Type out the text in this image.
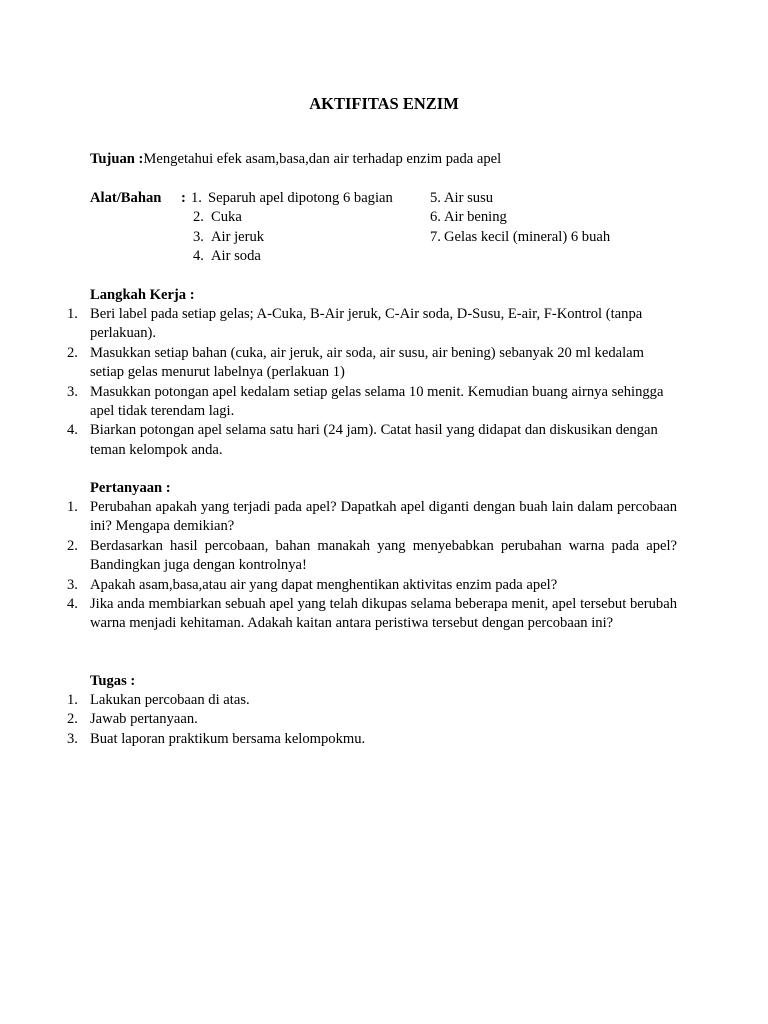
AKTIFITAS ENZIM
Tujuan :Mengetahui efek asam,basa,dan air terhadap enzim pada apel
Alat/Bahan : 1. Separuh apel dipotong 6 bagian
2. Cuka
3. Air jeruk
4. Air soda
5. Air susu
6. Air bening
7. Gelas kecil (mineral) 6 buah
Langkah Kerja :
1. Beri label pada setiap gelas; A-Cuka, B-Air jeruk, C-Air soda, D-Susu, E-air, F-Kontrol (tanpa perlakuan).
2. Masukkan setiap bahan (cuka, air jeruk, air soda, air susu, air bening) sebanyak 20 ml kedalam setiap gelas menurut labelnya (perlakuan 1)
3. Masukkan potongan apel kedalam setiap gelas selama 10 menit. Kemudian buang airnya sehingga apel tidak terendam lagi.
4. Biarkan potongan apel selama satu hari (24 jam). Catat hasil yang didapat dan diskusikan dengan teman kelompok anda.
Pertanyaan :
1. Perubahan apakah yang terjadi pada apel? Dapatkah apel diganti dengan buah lain dalam percobaan ini? Mengapa demikian?
2. Berdasarkan hasil percobaan, bahan manakah yang menyebabkan perubahan warna pada apel? Bandingkan juga dengan kontrolnya!
3. Apakah asam,basa,atau air yang dapat menghentikan aktivitas enzim pada apel?
4. Jika anda membiarkan sebuah apel yang telah dikupas selama beberapa menit, apel tersebut berubah warna menjadi kehitaman. Adakah kaitan antara peristiwa tersebut dengan percobaan ini?
Tugas :
1. Lakukan percobaan di atas.
2. Jawab pertanyaan.
3. Buat laporan praktikum bersama kelompokmu.
